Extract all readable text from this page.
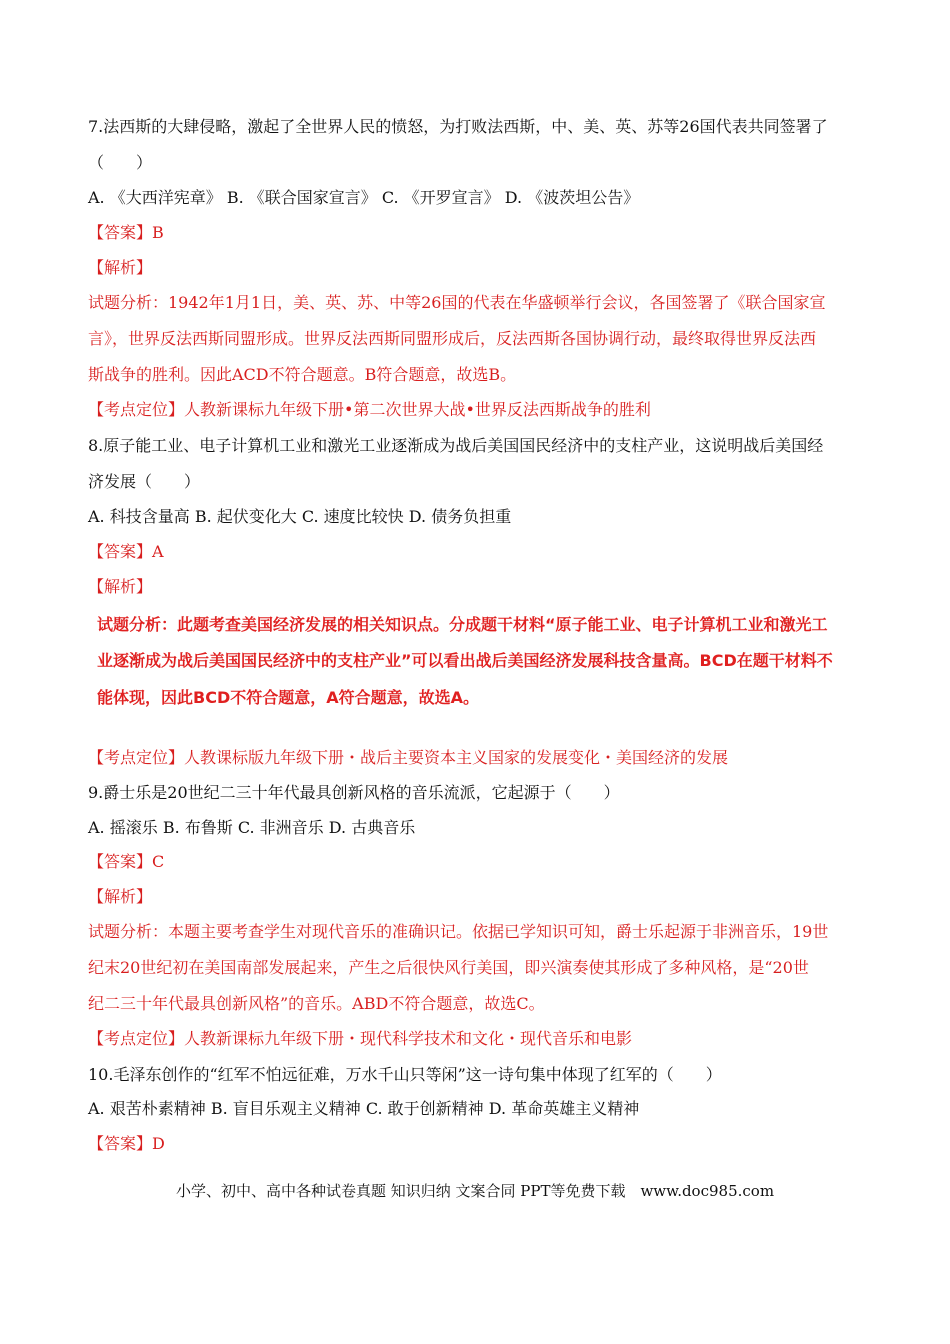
7.法西斯的大肆侵略，激起了全世界人民的愤怒，为打败法西斯，中、美、英、苏等26国代表共同签署了
（　　）
A. 《大西洋宪章》 B. 《联合国家宣言》 C. 《开罗宣言》 D. 《波茨坦公告》
【答案】B
【解析】
试题分析：1942年1月1日，美、英、苏、中等26国的代表在华盛顿举行会议，各国签署了《联合国家宣
言》，世界反法西斯同盟形成。世界反法西斯同盟形成后，反法西斯各国协调行动，最终取得世界反法西
斯战争的胜利。因此ACD不符合题意。B符合题意，故选B。
【考点定位】人教新课标九年级下册•第二次世界大战•世界反法西斯战争的胜利
8.原子能工业、电子计算机工业和激光工业逐渐成为战后美国国民经济中的支柱产业，这说明战后美国经
济发展（　　）
A. 科技含量高 B. 起伏变化大 C. 速度比较快 D. 债务负担重
【答案】A
【解析】
试题分析：此题考查美国经济发展的相关知识点。分成题干材料“原子能工业、电子计算机工业和激光工
业逐渐成为战后美国国民经济中的支柱产业”可以看出战后美国经济发展科技含量高。BCD在题干材料不
能体现，因此BCD不符合题意，A符合题意，故选A。
【考点定位】人教课标版九年级下册・战后主要资本主义国家的发展变化・美国经济的发展
9.爵士乐是20世纪二三十年代最具创新风格的音乐流派，它起源于（　　）
A. 摇滚乐 B. 布鲁斯 C. 非洲音乐 D. 古典音乐
【答案】C
【解析】
试题分析：本题主要考查学生对现代音乐的准确识记。依据已学知识可知，爵士乐起源于非洲音乐，19世
纪末20世纪初在美国南部发展起来，产生之后很快风行美国，即兴演奏使其形成了多种风格，是“20世
纪二三十年代最具创新风格”的音乐。ABD不符合题意，故选C。
【考点定位】人教新课标九年级下册・现代科学技术和文化・现代音乐和电影
10.毛泽东创作的“红军不怕远征难，万水千山只等闲”这一诗句集中体现了红军的（　　）
A. 艰苦朴素精神 B. 盲目乐观主义精神 C. 敢于创新精神 D. 革命英雄主义精神
【答案】D
小学、初中、高中各种试卷真题 知识归纳 文案合同 PPT等免费下载　www.doc985.com
